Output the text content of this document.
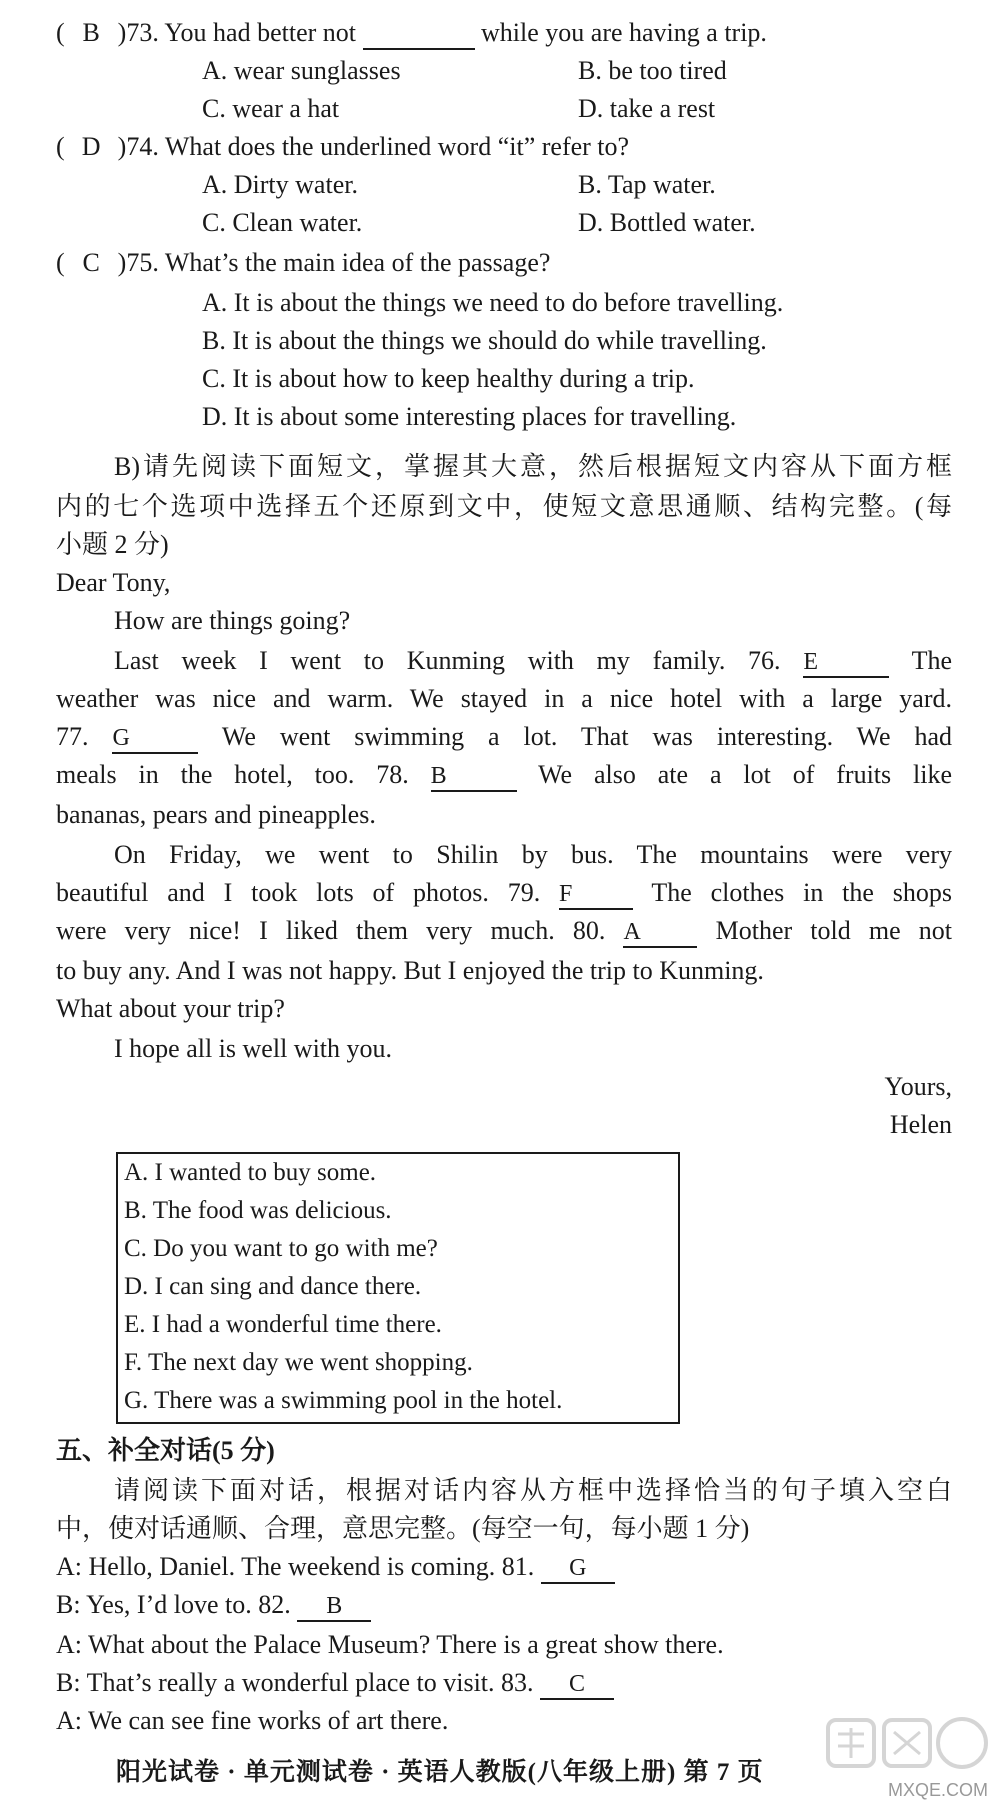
( B )73. You had better not	while you are having a trip.
A. wear sunglasses	B. be too tired
C. wear a hat	D. take a rest
( D )74. What does the underlined word “it” refer to?
A. Dirty water.	B. Tap water.
C. Clean water.	D. Bottled water.
( C )75. What’s the main idea of the passage?
A. It is about the things we need to do before travelling.
B. It is about the things we should do while travelling.
C. It is about how to keep healthy during a trip.
D. It is about some interesting places for travelling.
B)请先阅读下面短文，掌握其大意，然后根据短文内容从下面方框
内的七个选项中选择五个还原到文中，使短文意思通顺、结构完整。(每
小题 2 分)
Dear Tony,
How are things going?
Last week I went to Kunming with my family. 76. E	The
weather was nice and warm. We stayed in a nice hotel with a large yard.
77. G	We went swimming a lot. That was interesting. We had
meals in the hotel, too. 78. B	We also ate a lot of fruits like
bananas, pears and pineapples.
On Friday, we went to Shilin by bus. The mountains were very
beautiful and I took lots of photos. 79. F	The clothes in the shops
were very nice! I liked them very much. 80. A	Mother told me not
to buy any. And I was not happy. But I enjoyed the trip to Kunming.
What about your trip?
I hope all is well with you.
Yours,
Helen
A. I wanted to buy some.
B. The food was delicious.
C. Do you want to go with me?
D. I can sing and dance there.
E. I had a wonderful time there.
F. The next day we went shopping.
G. There was a swimming pool in the hotel.
五、补全对话(5 分)
请阅读下面对话，根据对话内容从方框中选择恰当的句子填入空白
中，使对话通顺、合理，意思完整。(每空一句，每小题 1 分)
A: Hello, Daniel. The weekend is coming. 81. G
B: Yes, I’d love to. 82. B
A: What about the Palace Museum? There is a great show there.
B: That’s really a wonderful place to visit. 83. C
A: We can see fine works of art there.
阳光试卷 · 单元测试卷 · 英语人教版(八年级上册) 第 7 页
MXQE.COM
